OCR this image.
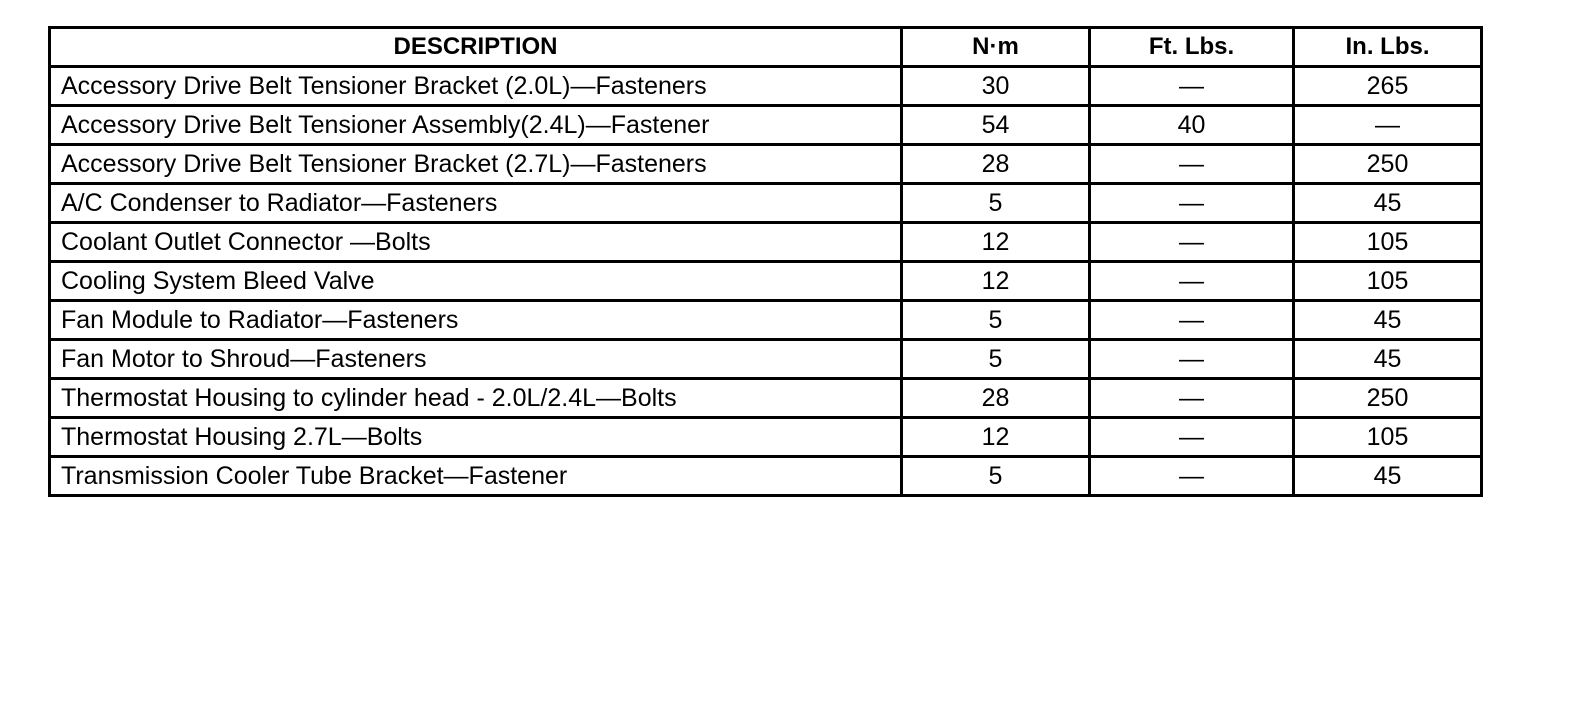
DESCRIPTION	N·m	Ft. Lbs.	In. Lbs.
Accessory Drive Belt Tensioner Bracket (2.0L)—Fasteners	30	—	265
Accessory Drive Belt Tensioner Assembly(2.4L)—Fastener	54	40	—
Accessory Drive Belt Tensioner Bracket (2.7L)—Fasteners	28	—	250
A/C Condenser to Radiator—Fasteners	5	—	45
Coolant Outlet Connector —Bolts	12	—	105
Cooling System Bleed Valve	12	—	105
Fan Module to Radiator—Fasteners	5	—	45
Fan Motor to Shroud—Fasteners	5	—	45
Thermostat Housing to cylinder head - 2.0L/2.4L—Bolts	28	—	250
Thermostat Housing 2.7L—Bolts	12	—	105
Transmission Cooler Tube Bracket—Fastener	5	—	45
